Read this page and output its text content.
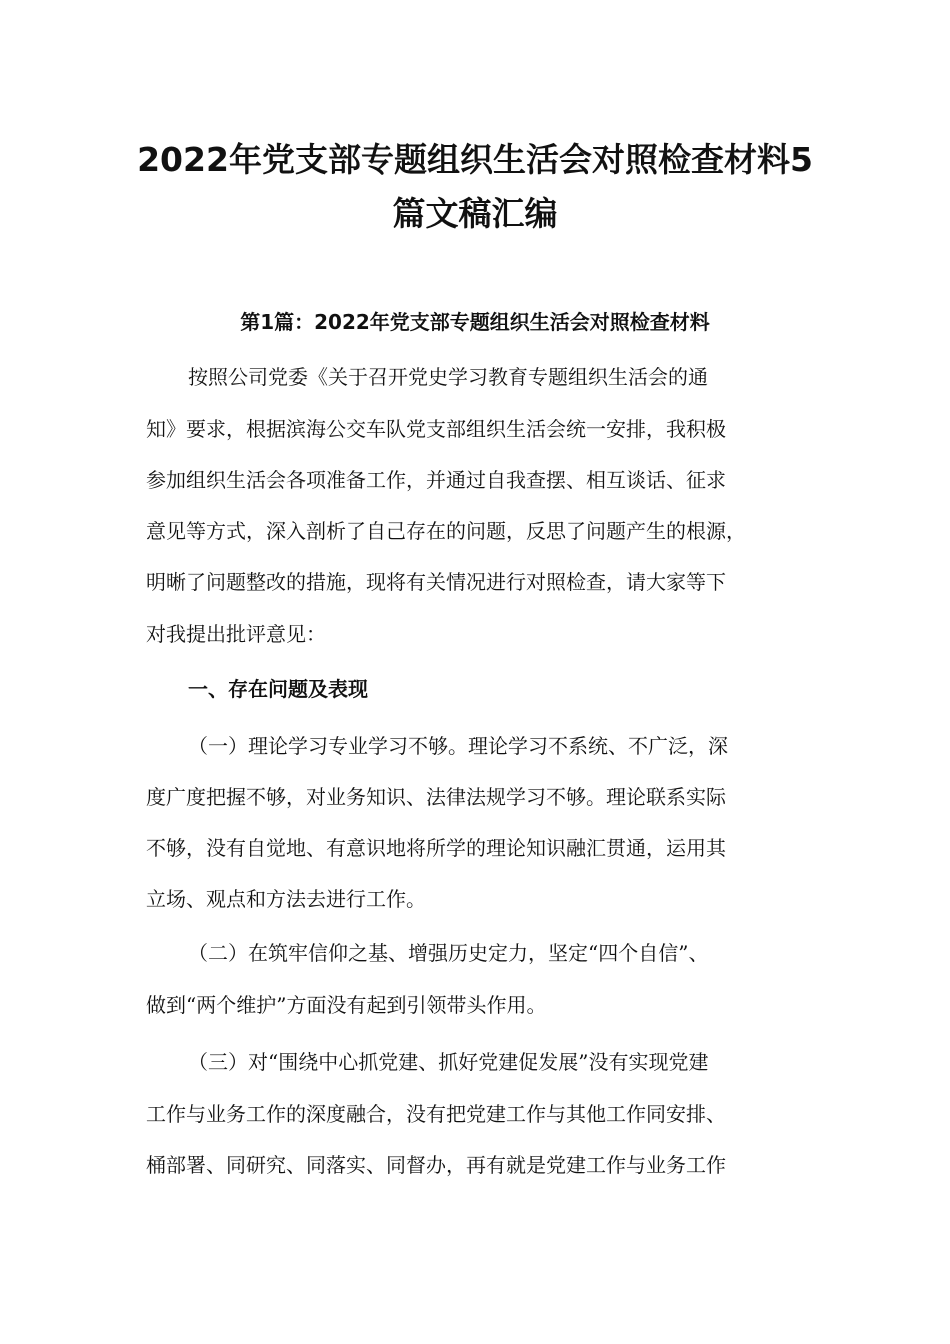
2022年党支部专题组织生活会对照检查材料5
篇文稿汇编
第1篇：2022年党支部专题组织生活会对照检查材料

按照公司党委《关于召开党史学习教育专题组织生活会的通

知》要求，根据滨海公交车队党支部组织生活会统一安排，我积极

参加组织生活会各项准备工作，并通过自我查摆、相互谈话、征求

意见等方式，深入剖析了自己存在的问题，反思了问题产生的根源，

明晰了问题整改的措施，现将有关情况进行对照检查，请大家等下

对我提出批评意见：

一、存在问题及表现

（一）理论学习专业学习不够。理论学习不系统、不广泛，深

度广度把握不够，对业务知识、法律法规学习不够。理论联系实际

不够，没有自觉地、有意识地将所学的理论知识融汇贯通，运用其

立场、观点和方法去进行工作。

（二）在筑牢信仰之基、增强历史定力，坚定“四个自信”、

做到“两个维护”方面没有起到引领带头作用。

（三）对“围绕中心抓党建、抓好党建促发展”没有实现党建

工作与业务工作的深度融合，没有把党建工作与其他工作同安排、

桶部署、同研究、同落实、同督办，再有就是党建工作与业务工作
